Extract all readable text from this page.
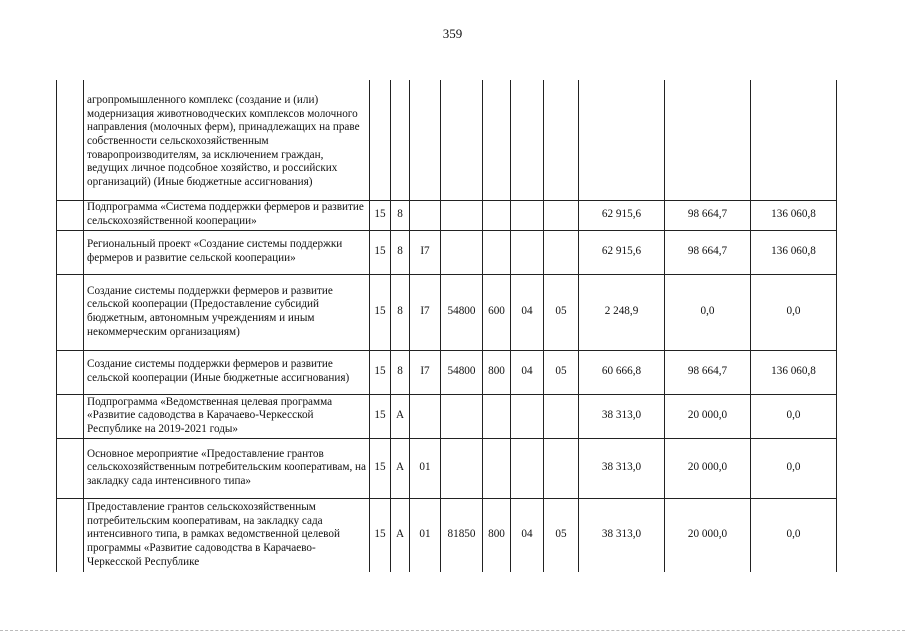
359
	агропромышленного комплекс (создание и (или) модернизация животноводческих комплексов молочного направления (молочных ферм), принадлежащих на праве собственности сельскохозяйственным товаропроизводителям, за исключением граждан, ведущих личное подсобное хозяйство, и российских организаций) (Иные бюджетные ассигнования)										
	Подпрограмма «Система поддержки фермеров и развитие сельскохозяйственной кооперации»	15	8						62 915,6	98 664,7	136 060,8
	Региональный проект «Создание системы поддержки фермеров и развитие сельской кооперации»	15	8	I7					62 915,6	98 664,7	136 060,8
	Создание системы поддержки фермеров и развитие сельской кооперации (Предоставление субсидий бюджетным, автономным учреждениям и иным некоммерческим организациям)	15	8	I7	54800	600	04	05	2 248,9	0,0	0,0
	Создание системы поддержки фермеров и развитие сельской кооперации (Иные бюджетные ассигнования)	15	8	I7	54800	800	04	05	60 666,8	98 664,7	136 060,8
	Подпрограмма «Ведомственная целевая программа «Развитие садоводства в Карачаево-Черкесской Республике на 2019-2021 годы»	15	А						38 313,0	20 000,0	0,0
	Основное мероприятие «Предоставление грантов сельскохозяйственным потребительским кооперативам, на закладку сада интенсивного типа»	15	А	01					38 313,0	20 000,0	0,0
	Предоставление грантов сельскохозяйственным потребительским кооперативам, на закладку сада интенсивного типа, в рамках ведомственной целевой программы «Развитие садоводства в Карачаево-Черкесской Республике	15	А	01	81850	800	04	05	38 313,0	20 000,0	0,0
